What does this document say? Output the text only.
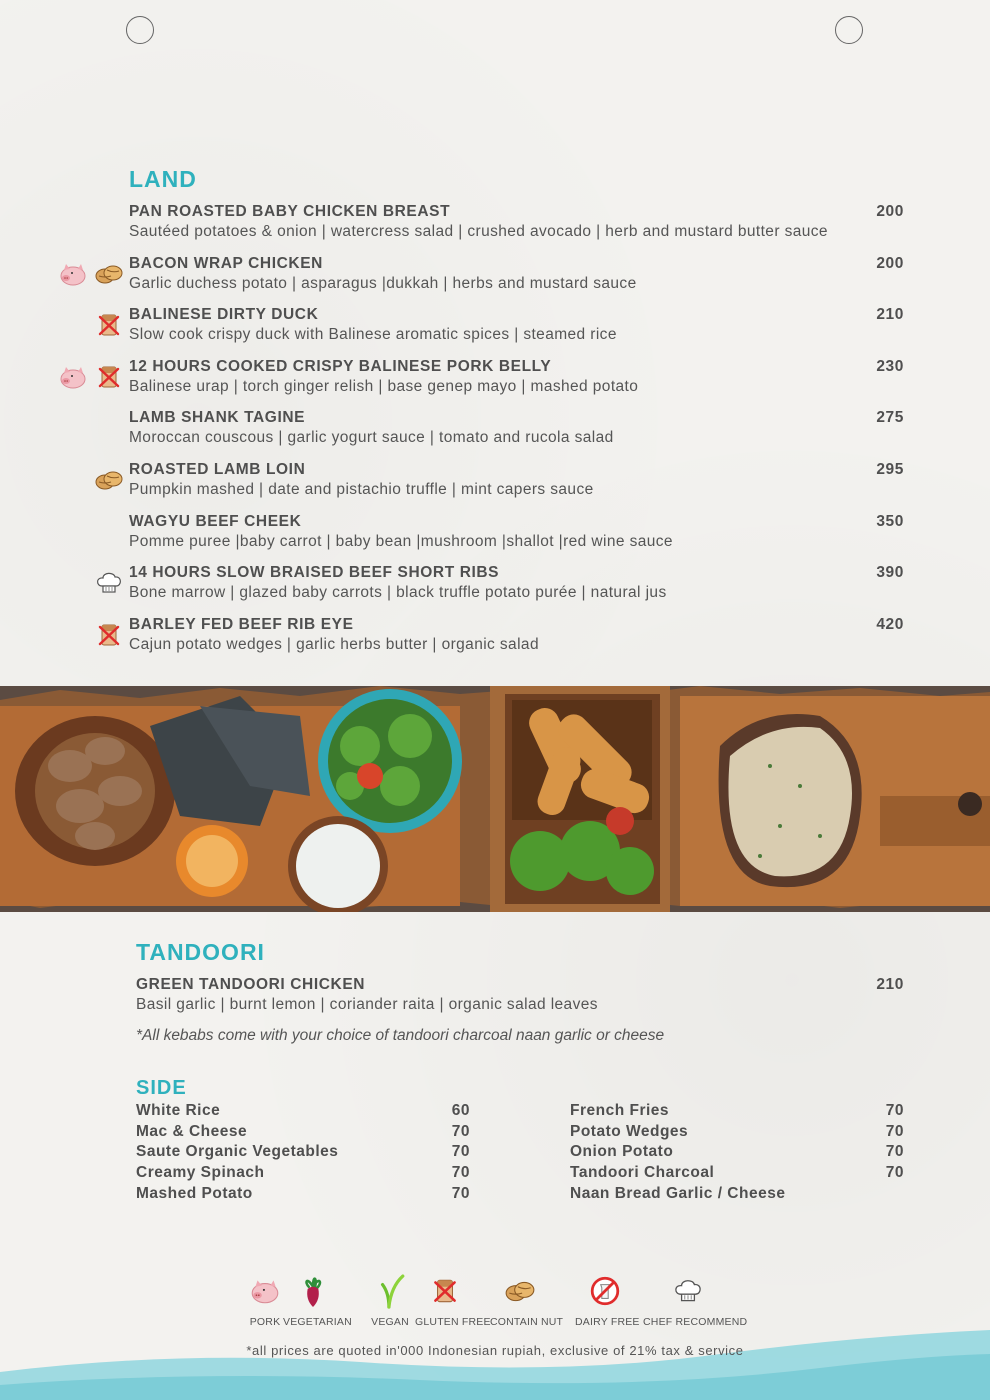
LAND
PAN ROASTED BABY CHICKEN BREAST	200
Sautéed potatoes & onion | watercress salad | crushed avocado | herb and mustard butter sauce
BACON WRAP CHICKEN	200
Garlic duchess potato | asparagus |dukkah | herbs and mustard sauce
BALINESE DIRTY DUCK	210
Slow cook crispy duck with Balinese aromatic spices | steamed rice
12 HOURS COOKED CRISPY BALINESE PORK BELLY	230
Balinese urap | torch ginger relish | base genep mayo | mashed potato
LAMB SHANK TAGINE	275
Moroccan couscous | garlic yogurt sauce | tomato and rucola salad
ROASTED LAMB LOIN	295
Pumpkin mashed | date and pistachio truffle | mint capers sauce
WAGYU BEEF CHEEK	350
Pomme puree |baby carrot | baby bean |mushroom |shallot |red wine sauce
14 HOURS SLOW BRAISED BEEF SHORT RIBS	390
Bone marrow | glazed baby carrots | black truffle potato purée | natural jus
BARLEY FED BEEF RIB EYE	420
Cajun potato wedges | garlic herbs butter | organic salad
TANDOORI
GREEN TANDOORI CHICKEN	210
Basil garlic | burnt lemon | coriander raita | organic salad leaves
*All kebabs come with your choice of tandoori charcoal naan garlic or cheese
SIDE
White Rice	60
Mac & Cheese	70
Saute Organic Vegetables	70
Creamy Spinach	70
Mashed Potato	70
French Fries	70
Potato Wedges	70
Onion Potato	70
Tandoori Charcoal	70
Naan Bread Garlic / Cheese
PORK VEGETARIAN	VEGAN GLUTEN FREE CONTAIN NUT DAIRY FREE CHEF RECOMMEND
*all prices are quoted in'000 Indonesian rupiah, exclusive of 21% tax & service
